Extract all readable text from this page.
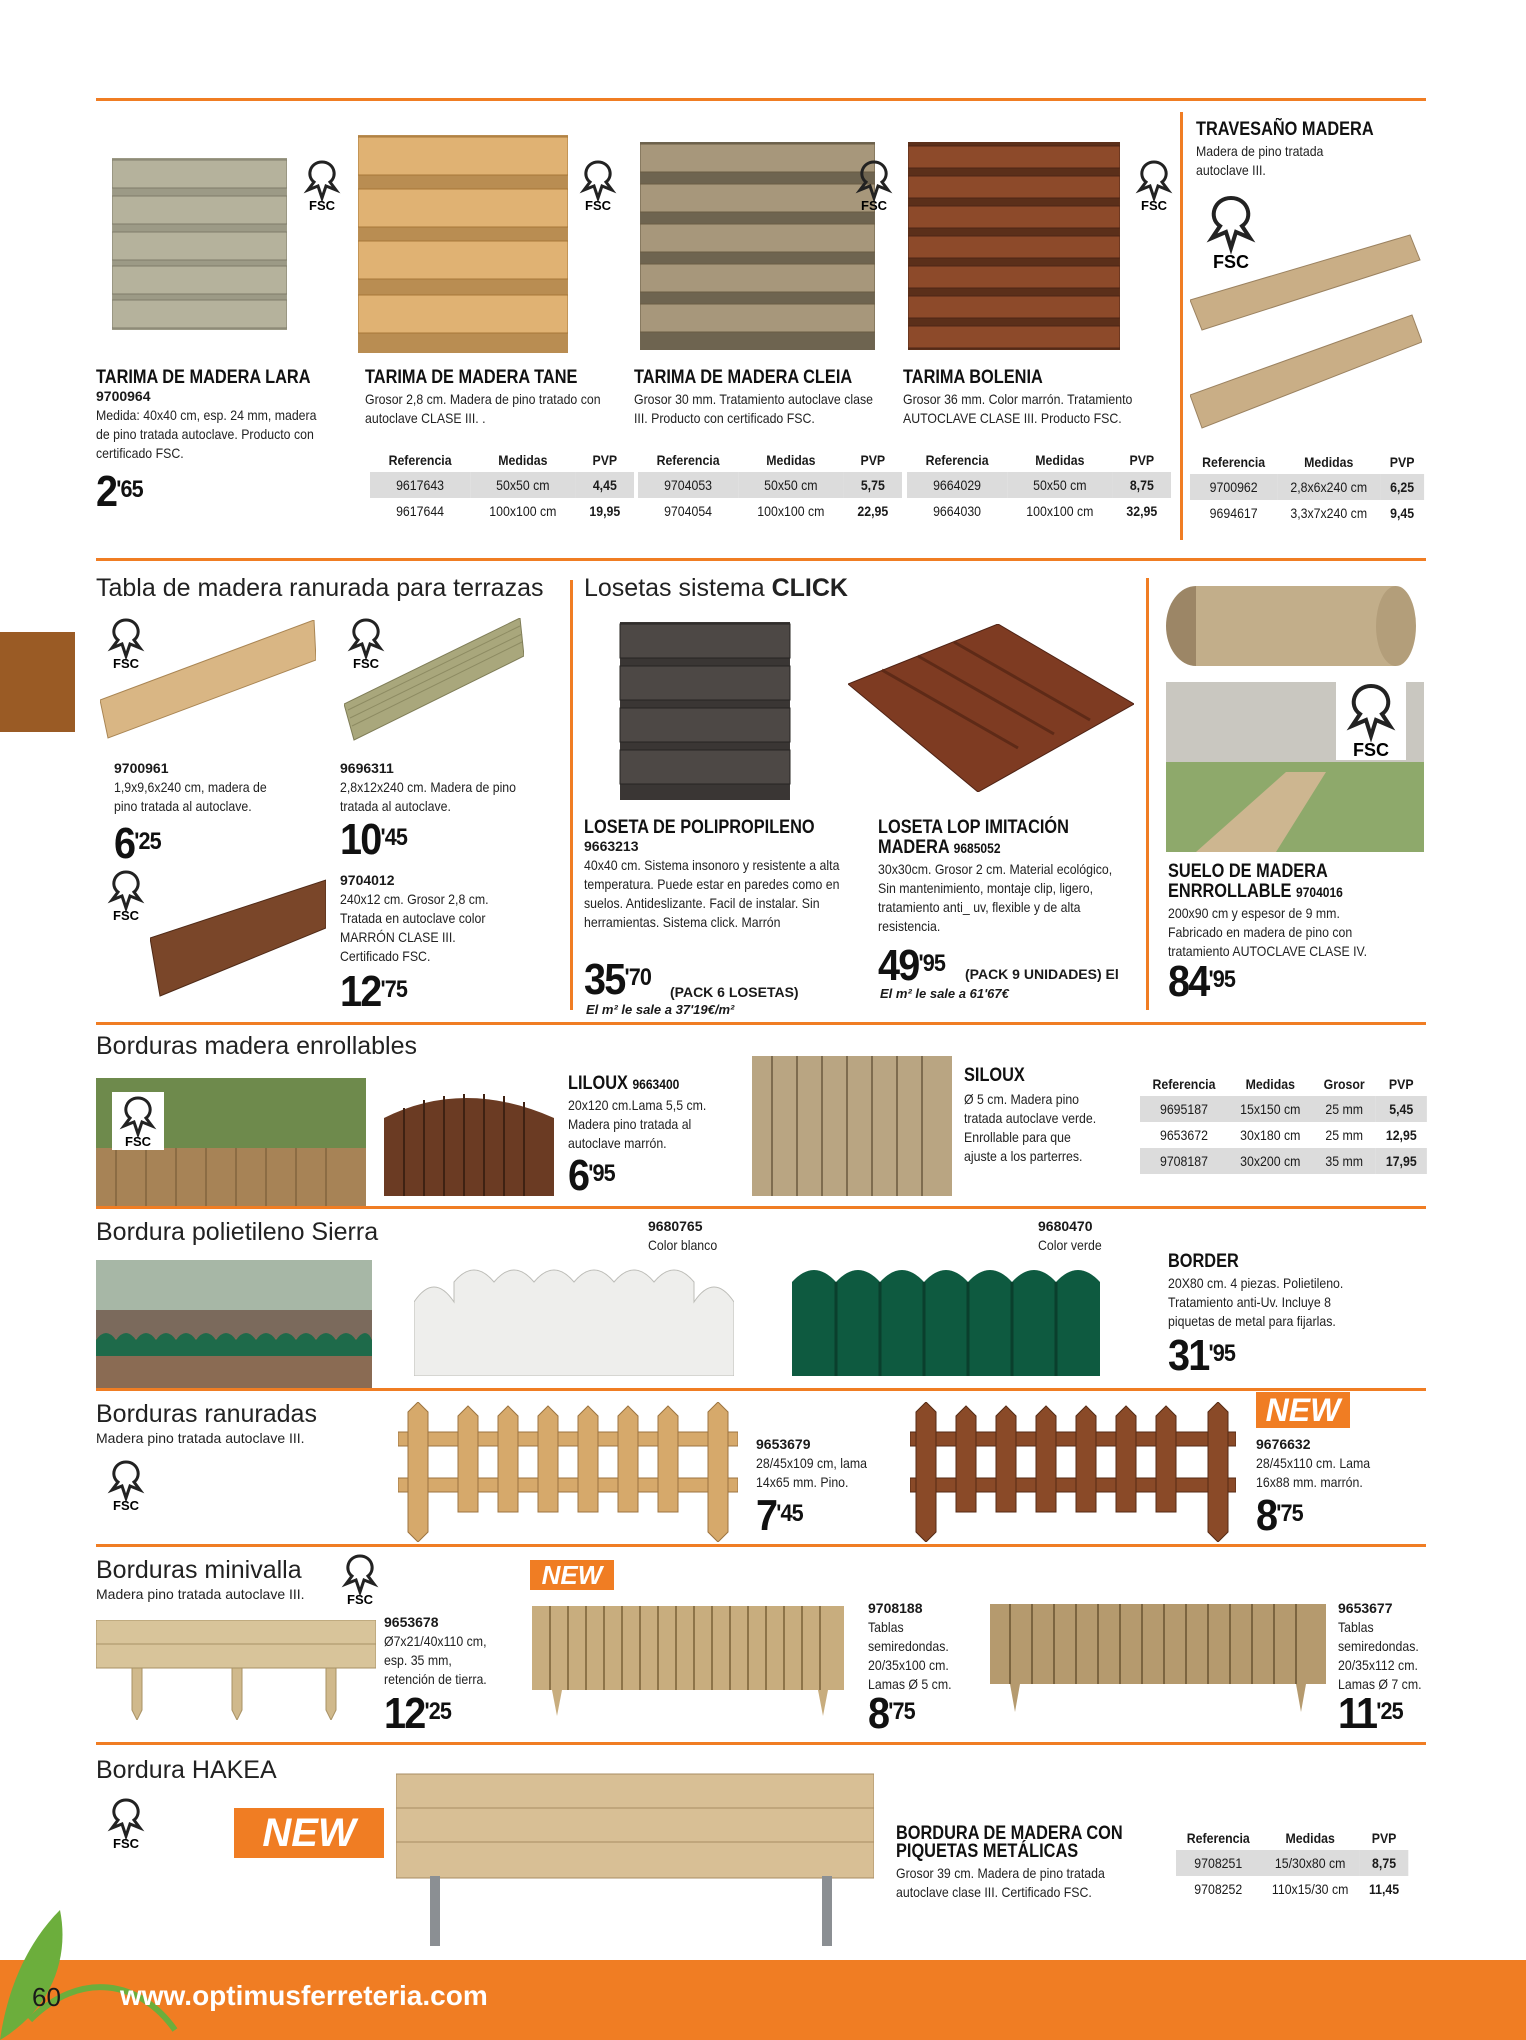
FSC	FSC	FSC	FSC
FSC
TARIMA DE MADERA LARA
9700964
Medida: 40x40 cm, esp. 24 mm, madera de pino tratada autoclave. Producto con certificado FSC.
$2^{'65}$
TARIMA DE MADERA TANE
Grosor 2,8 cm. Madera de pino tratado con autoclave CLASE III. .
Referencia	Medidas	PVP
9617643	50x50 cm	4,45
9617644	100x100 cm	19,95
TARIMA DE MADERA CLEIA
Grosor 30 mm. Tratamiento autoclave clase III. Producto con certificado FSC.
Referencia	Medidas	PVP
9704053	50x50 cm	5,75
9704054	100x100 cm	22,95
TARIMA BOLENIA
Grosor 36 mm. Color marrón. Tratamiento AUTOCLAVE CLASE III. Producto FSC.
Referencia	Medidas	PVP
9664029	50x50 cm	8,75
9664030	100x100 cm	32,95
TRAVESAÑO MADERA
Madera de pino tratada autoclave III.
Referencia	Medidas	PVP
9700962	2,8x6x240 cm	6,25
9694617	3,3x7x240 cm	9,45
Tabla de madera ranurada para terrazas
FSC	FSC
9700961
1,9x9,6x240 cm, madera de pino tratada al autoclave.
$6^{'25}$
9696311
2,8x12x240 cm. Madera de pino tratada al autoclave.
$10^{'45}$
FSC
9704012
240x12 cm. Grosor 2,8 cm. Tratada en autoclave color MARRÓN CLASE III. Certificado FSC.
$12^{'75}$
Losetas sistema CLICK
LOSETA DE POLIPROPILENO
9663213
40x40 cm. Sistema insonoro y resistente a alta temperatura. Puede estar en paredes como en suelos. Antideslizante. Facil de instalar. Sin herramientas. Sistema click. Marrón
$35^{'70}$
(PACK 6 LOSETAS)
El m² le sale a 37'19€/m²
LOSETA LOP IMITACIÓN
MADERA 9685052
30x30cm. Grosor 2 cm. Material ecológico, Sin mantenimiento, montaje clip, ligero, tratamiento anti_ uv, flexible y de alta resistencia.
$49^{'95}$ (PACK 9 UNIDADES) El
El m² le sale a 61'67€
FSC
SUELO DE MADERA
ENRROLLABLE 9704016
200x90 cm y espesor de 9 mm. Fabricado en madera de pino con tratamiento AUTOCLAVE CLASE IV.
$84^{'95}$
Borduras madera enrollables
FSC
LILOUX 9663400
20x120 cm.Lama 5,5 cm. Madera pino tratada al autoclave marrón.
$6^{'95}$
SILOUX
Ø 5 cm. Madera pino tratada autoclave verde. Enrollable para que ajuste a los parterres.
Referencia	Medidas	Grosor	PVP
9695187	15x150 cm	25 mm	5,45
9653672	30x180 cm	25 mm	12,95
9708187	30x200 cm	35 mm	17,95
Bordura polietileno Sierra	9680765
Color blanco
9680470
Color verde
BORDER
20X80 cm. 4 piezas. Polietileno. Tratamiento anti-Uv. Incluye 8 piquetas de metal para fijarlas.
$31^{'95}$
Borduras ranuradas
Madera pino tratada autoclave III.
FSC
9653679
28/45x109 cm, lama 14x65 mm. Pino.
$7^{'45}$
NEW
9676632
28/45x110 cm. Lama 16x88 mm. marrón.
$8^{'75}$
Borduras minivalla
Madera pino tratada autoclave III.	FSC
9653678
Ø7x21/40x110 cm, esp. 35 mm, retención de tierra.
$12^{'25}$
NEW
9708188
Tablas semiredondas. 20/35x100 cm. Lamas Ø 5 cm.
$8^{'75}$
9653677
Tablas semiredondas. 20/35x112 cm. Lamas Ø 7 cm.
$11^{'25}$
Bordura HAKEA
FSC	NEW	BORDURA DE MADERA CON
PIQUETAS METÁLICAS
Grosor 39 cm. Madera de pino tratada autoclave clase III. Certificado FSC.
Referencia	Medidas	PVP
9708251	15/30x80 cm	8,75
9708252	110x15/30 cm	11,45
60 www.optimusferreteria.com
